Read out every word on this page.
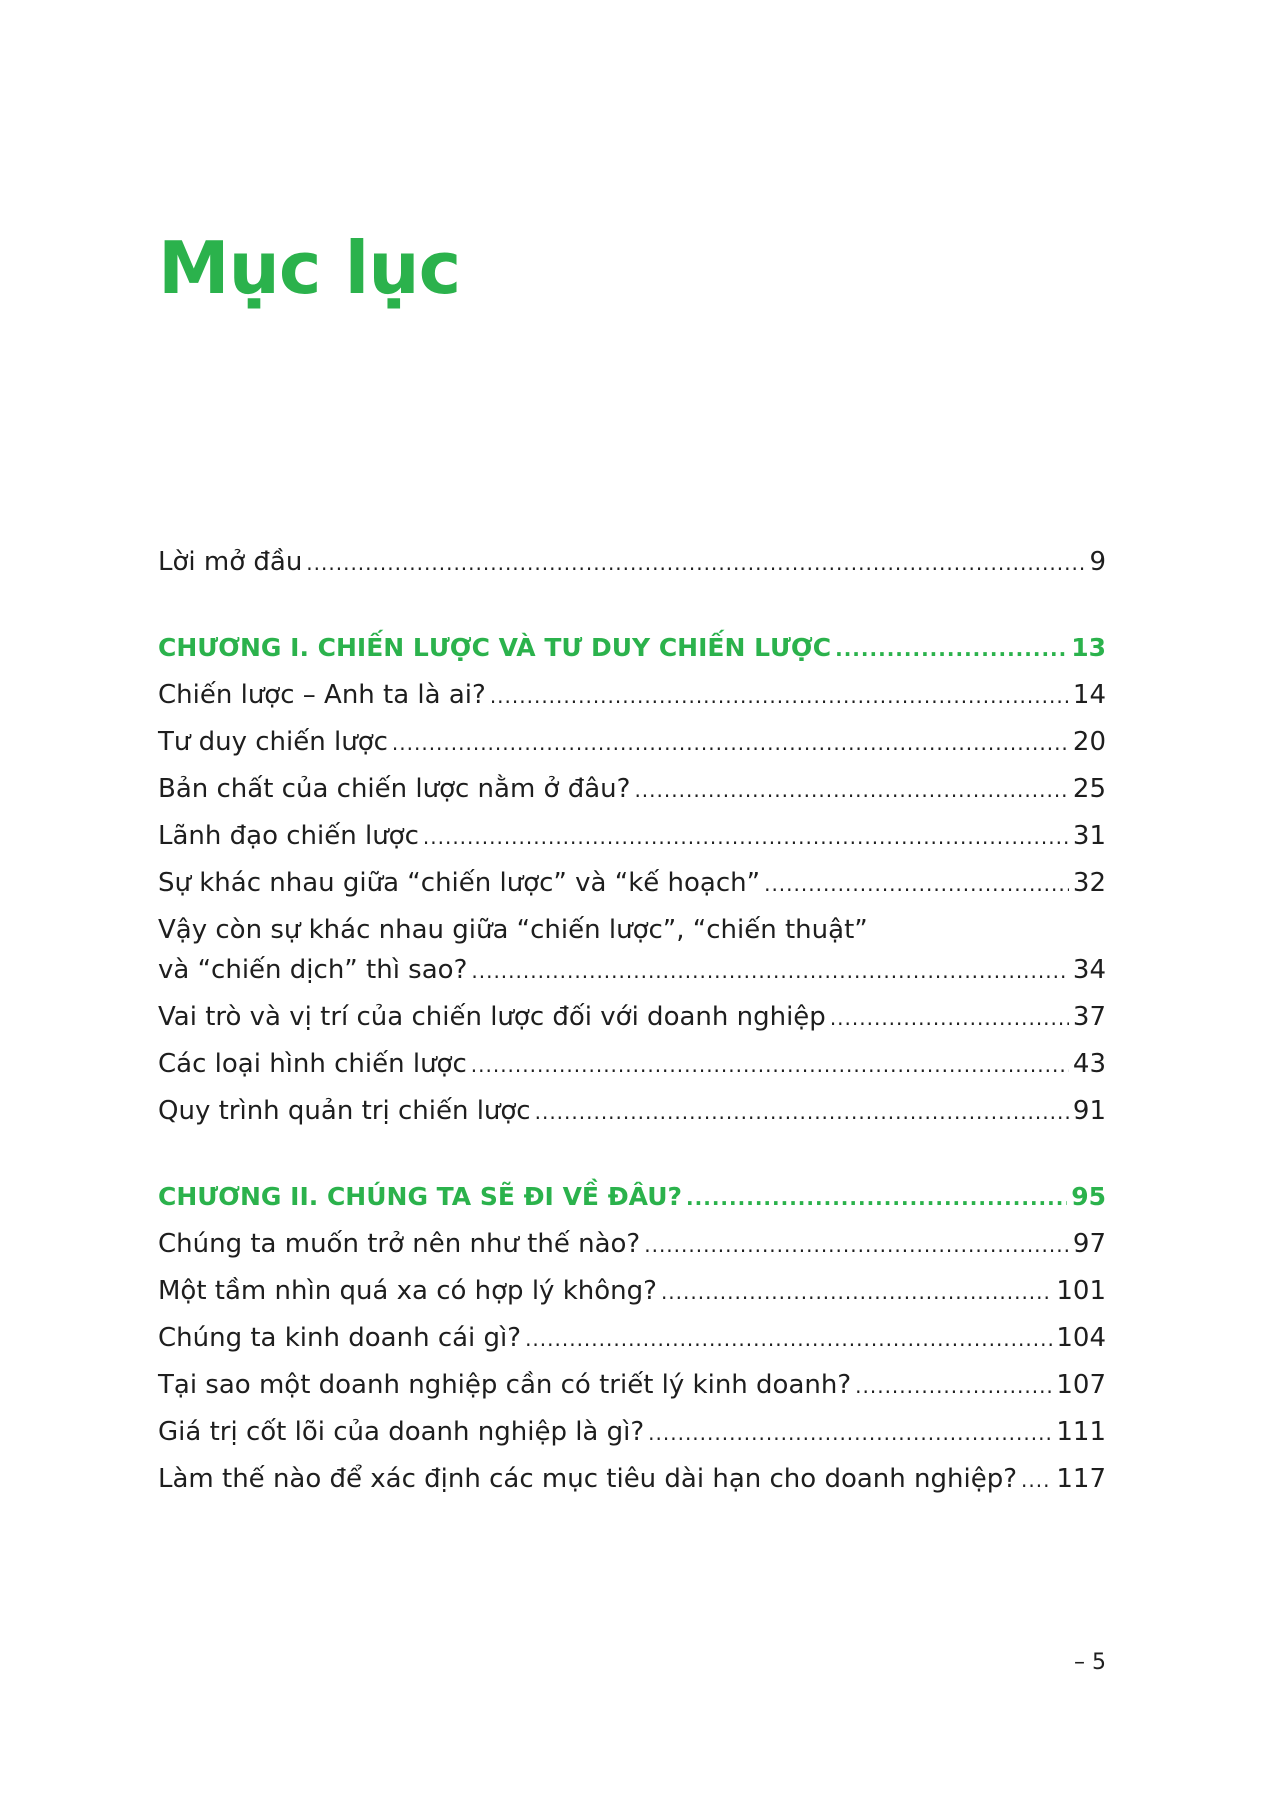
Mục lục
Lời mở đầu .....	9
CHƯƠNG I. CHIẾN LƯỢC VÀ TƯ DUY CHIẾN LƯỢC .....	13
Chiến lược – Anh ta là ai? .....	14
Tư duy chiến lược .....	20
Bản chất của chiến lược nằm ở đâu? .....	25
Lãnh đạo chiến lược .....	31
Sự khác nhau giữa “chiến lược” và “kế hoạch” .....	32
Vậy còn sự khác nhau giữa “chiến lược”, “chiến thuật”
và “chiến dịch” thì sao? .....	34
Vai trò và vị trí của chiến lược đối với doanh nghiệp .....	37
Các loại hình chiến lược .....	43
Quy trình quản trị chiến lược .....	91
CHƯƠNG II. CHÚNG TA SẼ ĐI VỀ ĐÂU? .....	95
Chúng ta muốn trở nên như thế nào? .....	97
Một tầm nhìn quá xa có hợp lý không? .....	101
Chúng ta kinh doanh cái gì? .....	104
Tại sao một doanh nghiệp cần có triết lý kinh doanh? .....	107
Giá trị cốt lõi của doanh nghiệp là gì? .....	111
Làm thế nào để xác định các mục tiêu dài hạn cho doanh nghiệp? ..... 117
– 5
